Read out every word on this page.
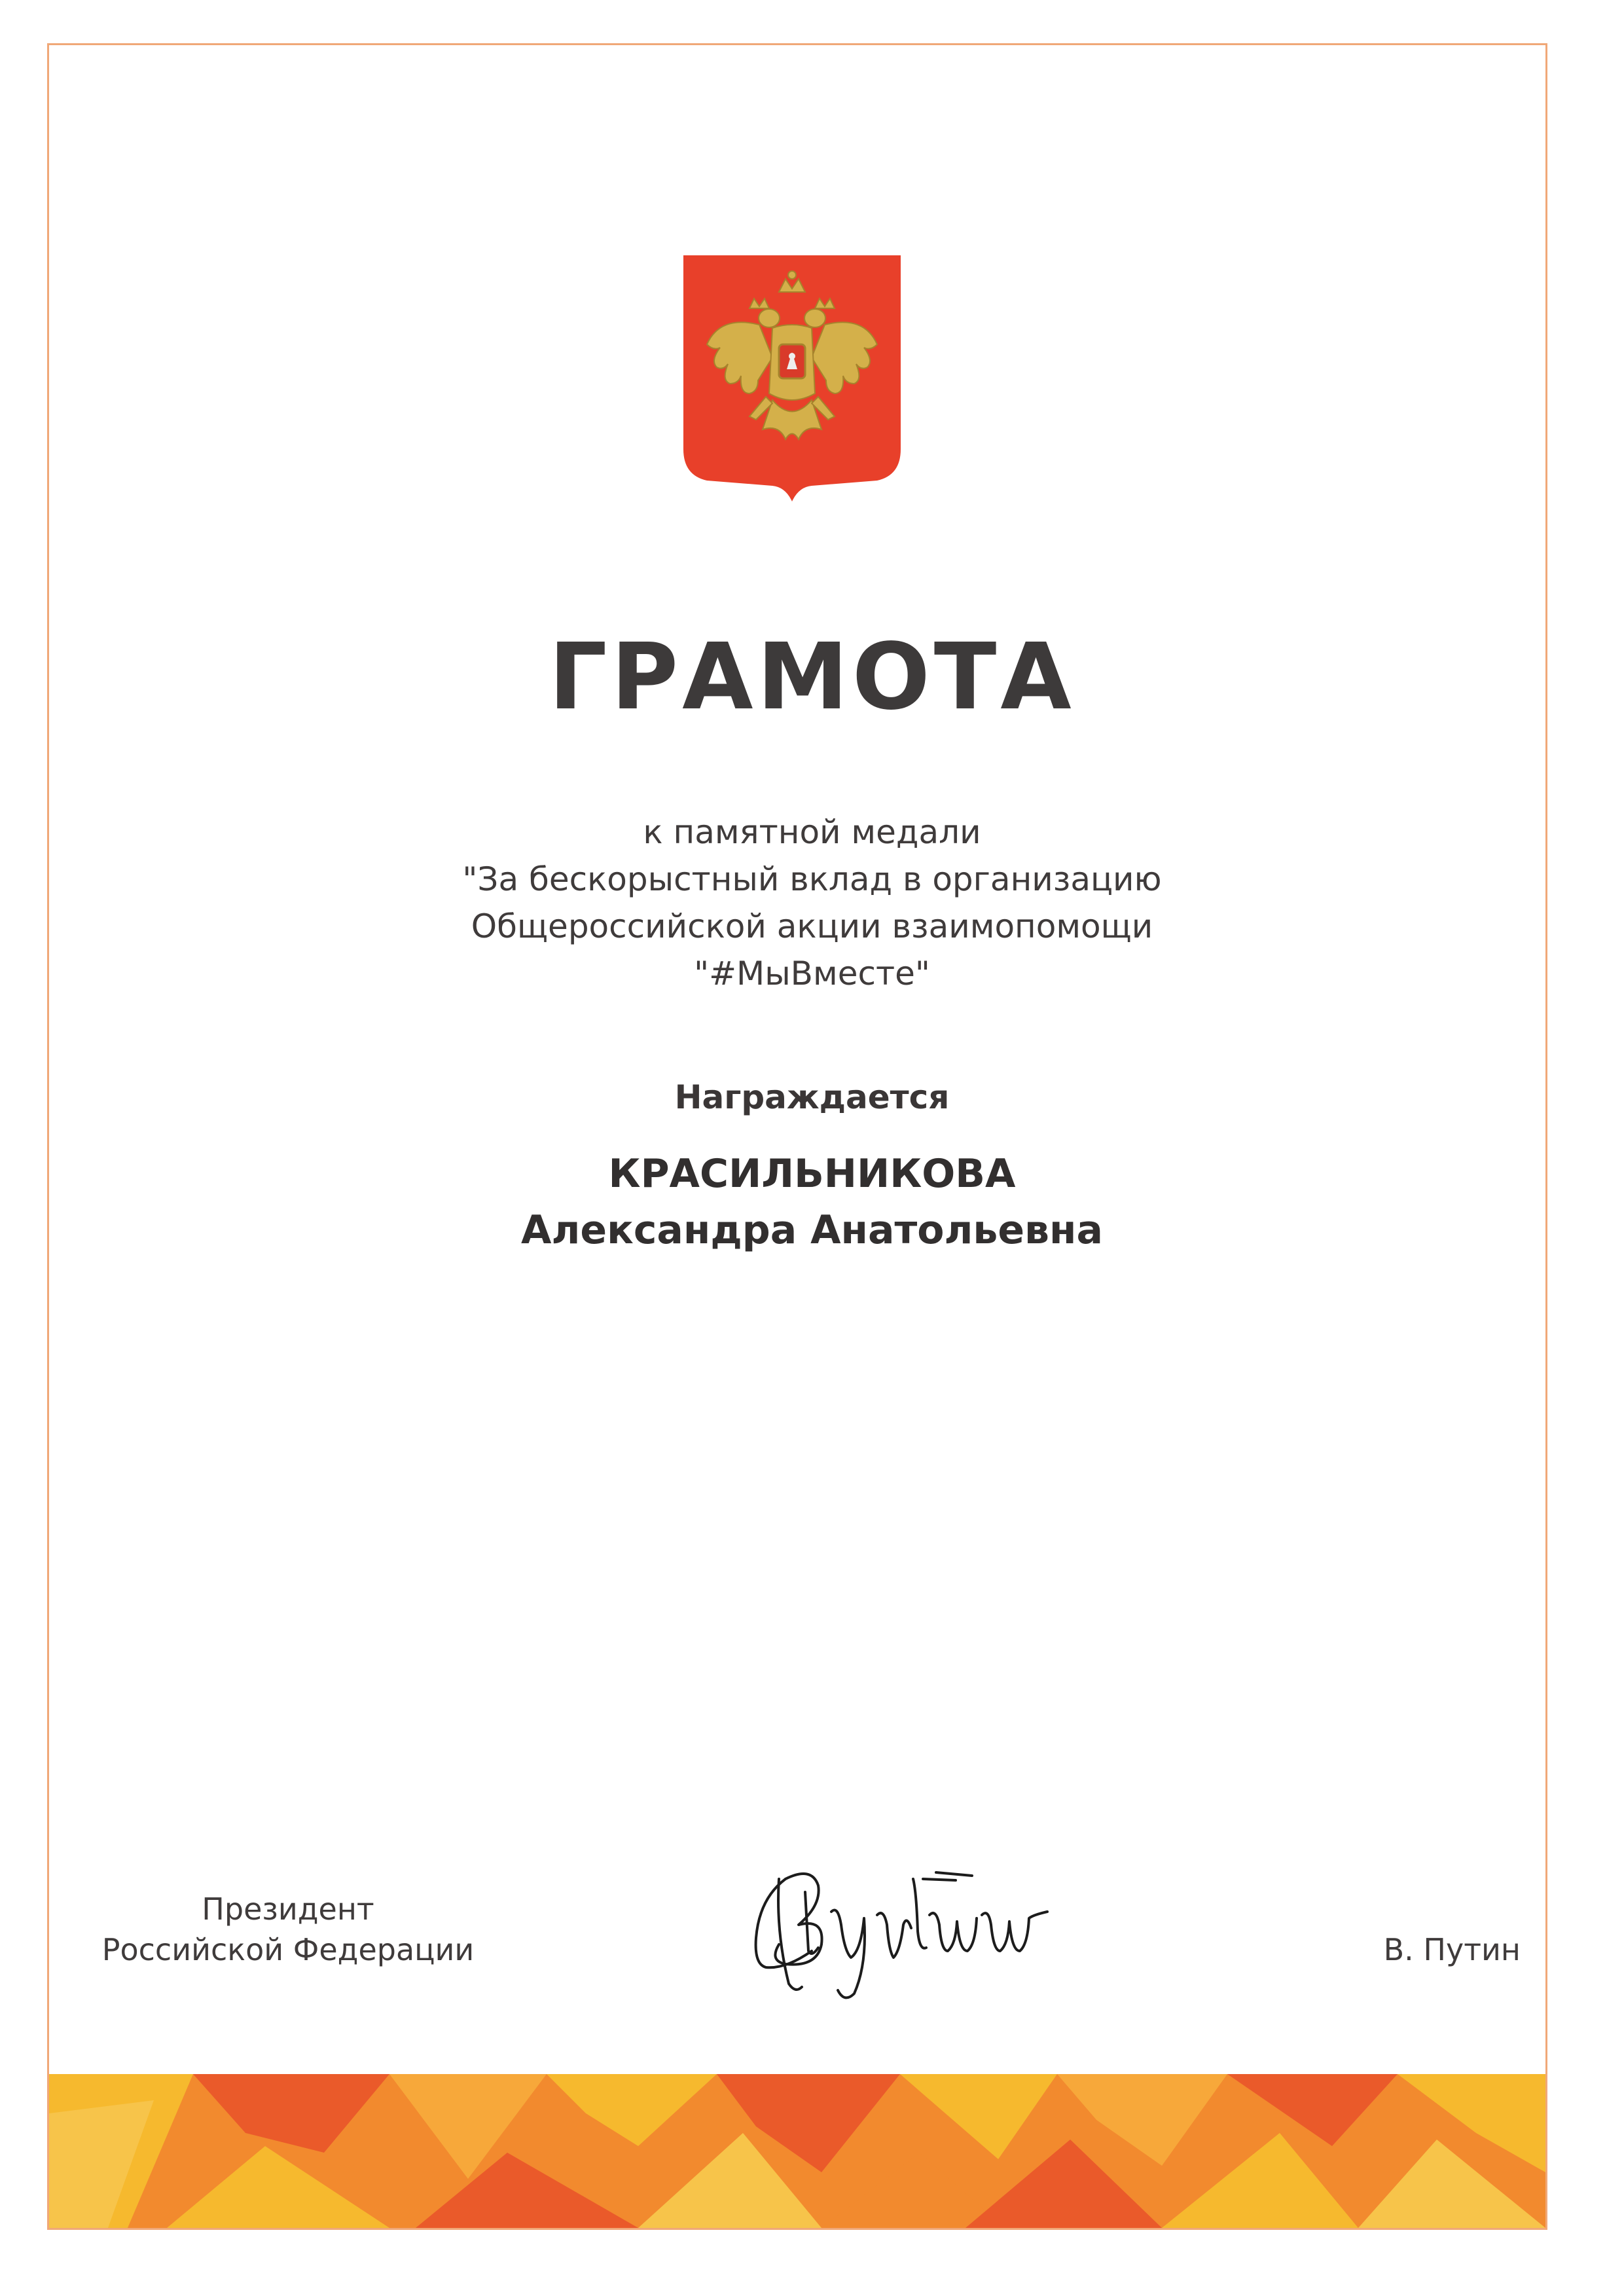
ГРАМОТА
к памятной медали
"За бескорыстный вклад в организацию
Общероссийской акции взаимопомощи
"#МыВместе"
Награждается
КРАСИЛЬНИКОВА
Александра Анатольевна
Президент
Российской Федерации	В. Путин
